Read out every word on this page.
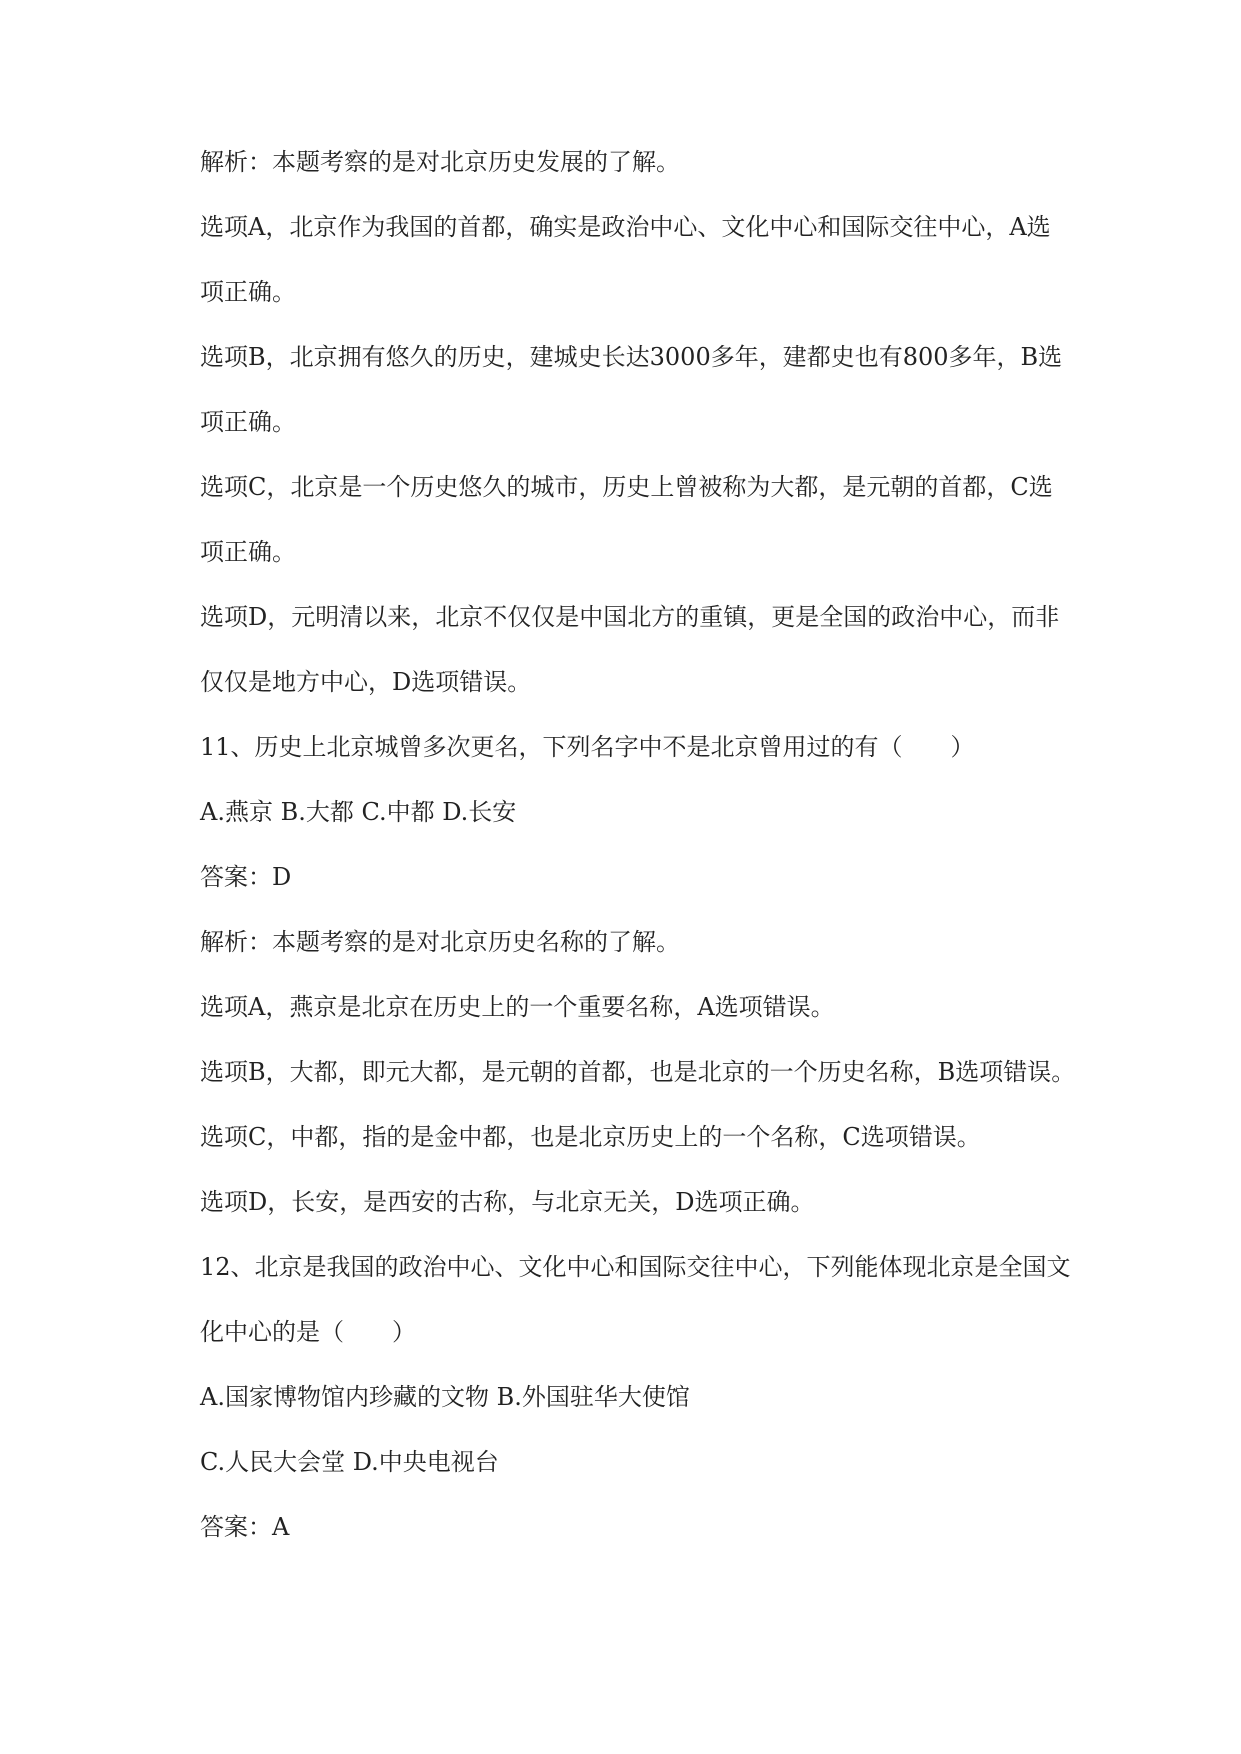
解析：本题考察的是对北京历史发展的了解。
选项A，北京作为我国的首都，确实是政治中心、文化中心和国际交往中心，A选
项正确。
选项B，北京拥有悠久的历史，建城史长达3000多年，建都史也有800多年，B选
项正确。
选项C，北京是一个历史悠久的城市，历史上曾被称为大都，是元朝的首都，C选
项正确。
选项D，元明清以来，北京不仅仅是中国北方的重镇，更是全国的政治中心，而非
仅仅是地方中心，D选项错误。
11、历史上北京城曾多次更名，下列名字中不是北京曾用过的有（　　）
A.燕京 B.大都 C.中都 D.长安
答案：D
解析：本题考察的是对北京历史名称的了解。
选项A，燕京是北京在历史上的一个重要名称，A选项错误。
选项B，大都，即元大都，是元朝的首都，也是北京的一个历史名称，B选项错误。
选项C，中都，指的是金中都，也是北京历史上的一个名称，C选项错误。
选项D，长安，是西安的古称，与北京无关，D选项正确。
12、北京是我国的政治中心、文化中心和国际交往中心，下列能体现北京是全国文
化中心的是（　　）
A.国家博物馆内珍藏的文物 B.外国驻华大使馆
C.人民大会堂 D.中央电视台
答案：A
